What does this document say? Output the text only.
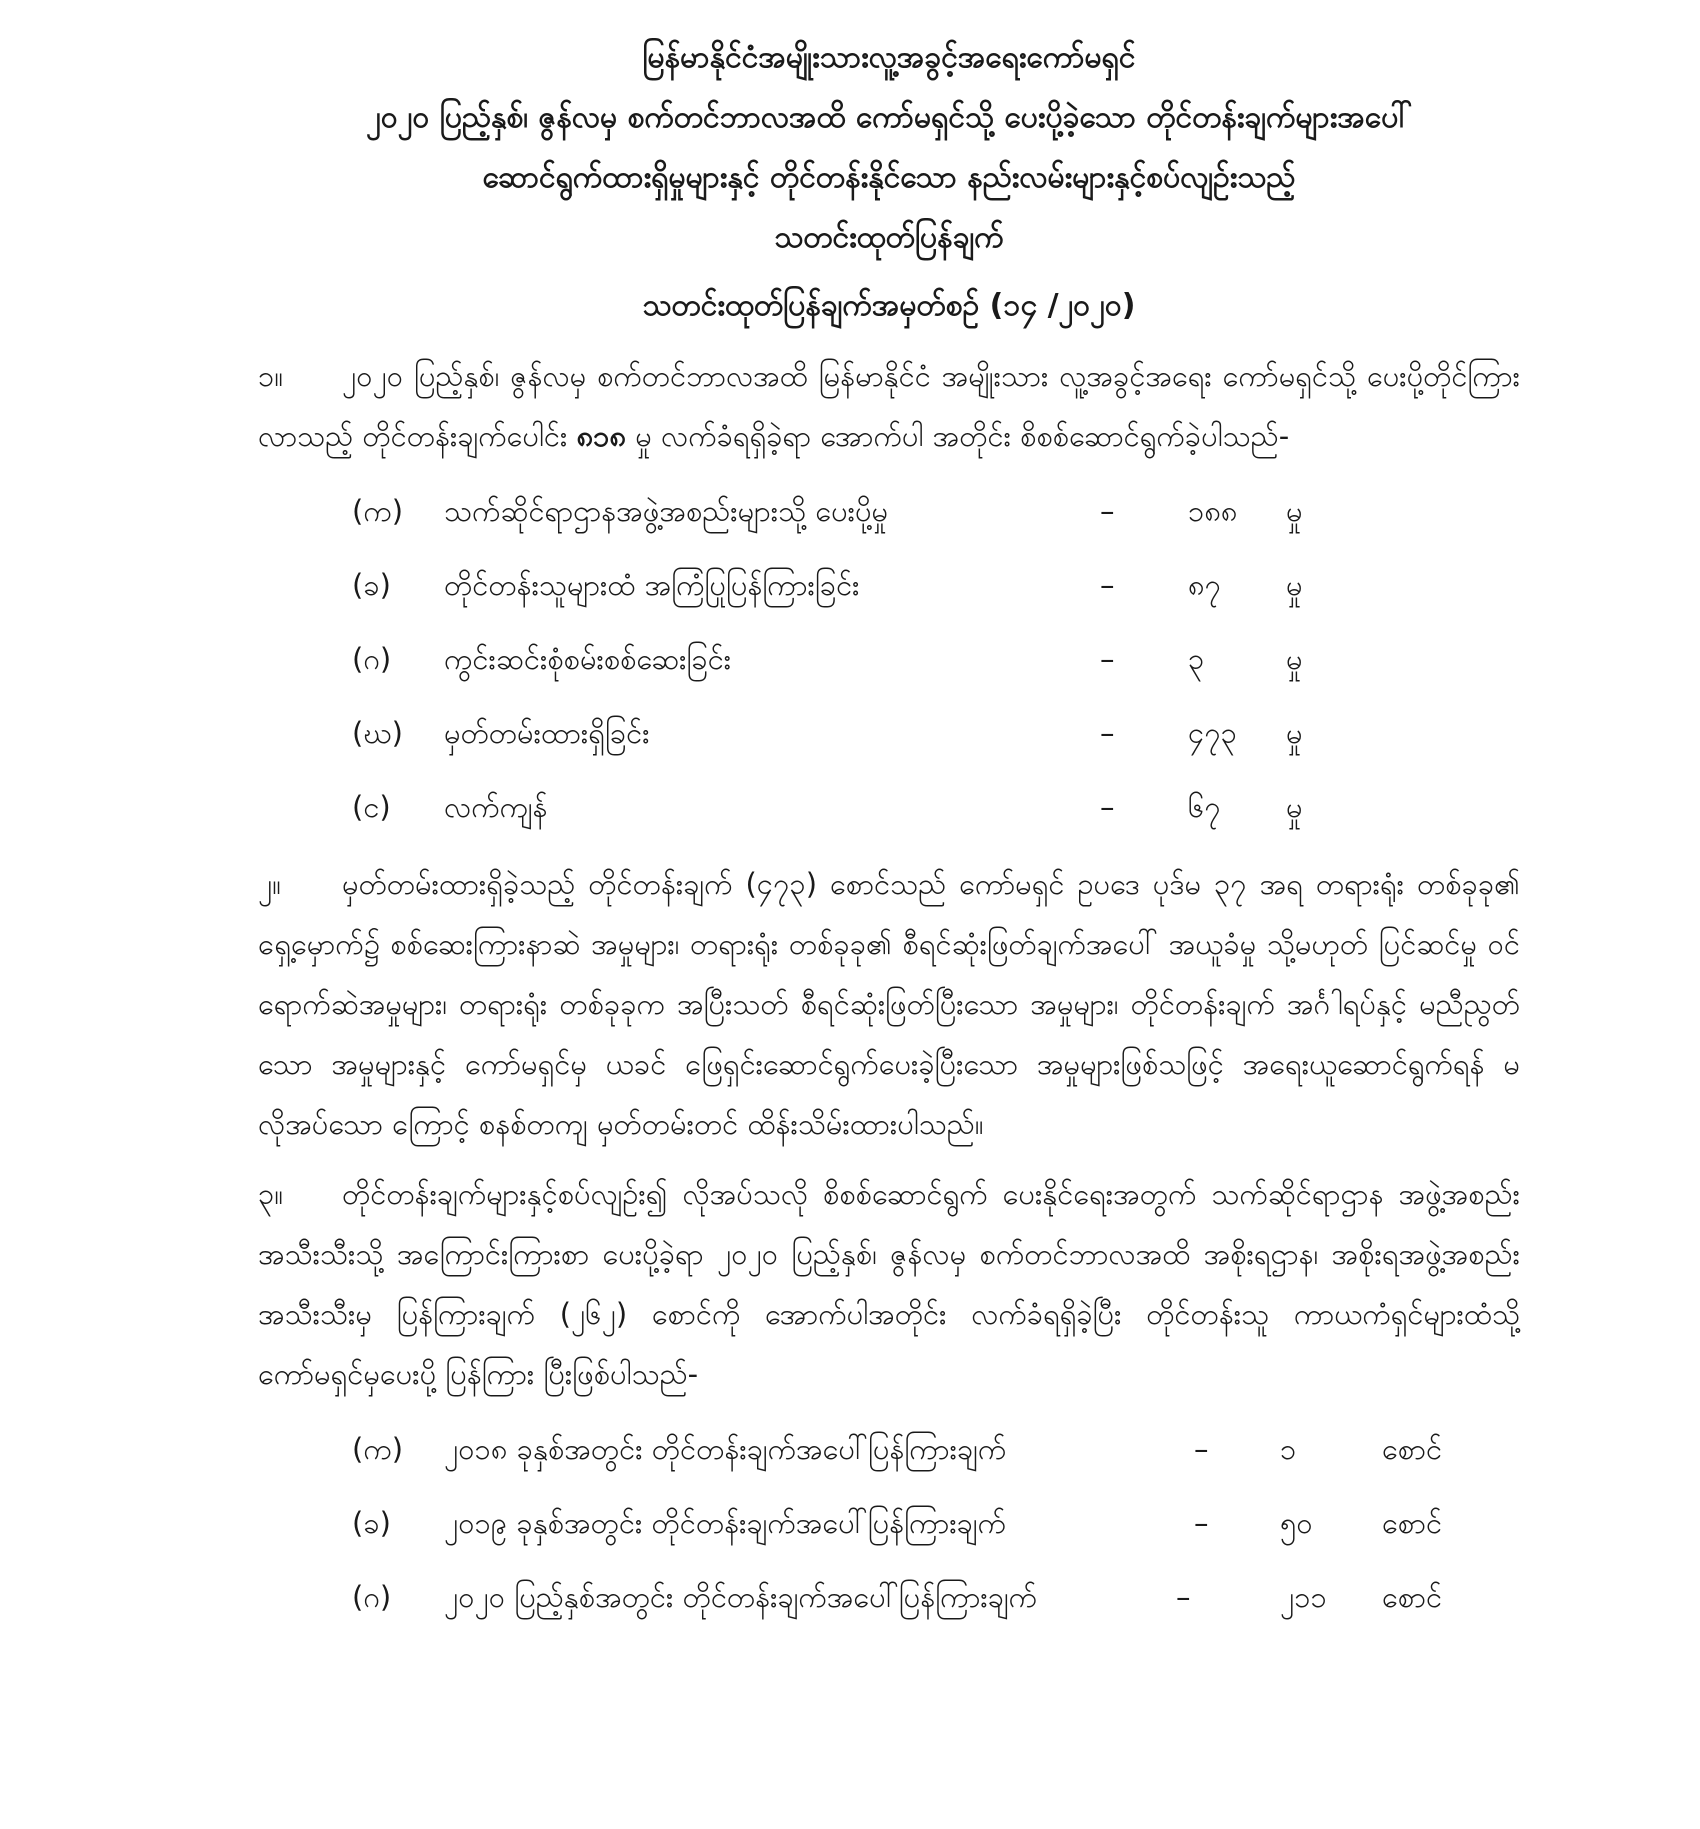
မြန်မာနိုင်ငံအမျိုးသားလူ့အခွင့်အရေးကော်မရှင်
၂၀၂၀ ပြည့်နှစ်၊ ဇွန်လမှ စက်တင်ဘာလအထိ ကော်မရှင်သို့ ပေးပို့ခဲ့သော တိုင်တန်းချက်များအပေါ်
ဆောင်ရွက်ထားရှိမှုများနှင့် တိုင်တန်းနိုင်သော နည်းလမ်းများနှင့်စပ်လျဉ်းသည့်
သတင်းထုတ်ပြန်ချက်
သတင်းထုတ်ပြန်ချက်အမှတ်စဉ် (၁၄ /၂၀၂၀)
၁။ ၂၀၂၀ ပြည့်နှစ်၊ ဇွန်လမှ စက်တင်ဘာလအထိ မြန်မာနိုင်ငံ အမျိုးသား လူ့အခွင့်အရေး ကော်မရှင်သို့ ပေးပို့တိုင်ကြားလာသည့် တိုင်တန်းချက်ပေါင်း ၈၁၈ မှု လက်ခံရရှိခဲ့ရာ အောက်ပါ အတိုင်း စိစစ်ဆောင်ရွက်ခဲ့ပါသည်-
(က) သက်ဆိုင်ရာဌာနအဖွဲ့အစည်းများသို့ ပေးပို့မှု	–	၁၈၈ မှု
(ခ) တိုင်တန်းသူများထံ အကြံပြုပြန်ကြားခြင်း	–	၈၇ မှု
(ဂ) ကွင်းဆင်းစုံစမ်းစစ်ဆေးခြင်း	–	၃	မှု
(ဃ) မှတ်တမ်းထားရှိခြင်း	–	၄၇၃ မှု
(င) လက်ကျန်	–	၆၇ မှု
၂။ မှတ်တမ်းထားရှိခဲ့သည့် တိုင်တန်းချက် (၄၇၃) စောင်သည် ကော်မရှင် ဥပဒေ ပုဒ်မ ၃၇ အရ တရားရုံး တစ်ခုခု၏ ရှေ့မှောက်၌ စစ်ဆေးကြားနာဆဲ အမှုများ၊ တရားရုံး တစ်ခုခု၏ စီရင်ဆုံးဖြတ်ချက်အပေါ် အယူခံမှု သို့မဟုတ် ပြင်ဆင်မှု ဝင်ရောက်ဆဲအမှုများ၊ တရားရုံး တစ်ခုခုက အပြီးသတ် စီရင်ဆုံးဖြတ်ပြီးသော အမှုများ၊ တိုင်တန်းချက် အင်္ဂါရပ်နှင့် မညီညွတ်သော အမှုများနှင့် ကော်မရှင်မှ ယခင် ဖြေရှင်းဆောင်ရွက်ပေးခဲ့ပြီးသော အမှုများဖြစ်သဖြင့် အရေးယူဆောင်ရွက်ရန် မလိုအပ်သော ကြောင့် စနစ်တကျ မှတ်တမ်းတင် ထိန်းသိမ်းထားပါသည်။
၃။ တိုင်တန်းချက်များနှင့်စပ်လျဉ်း၍ လိုအပ်သလို စိစစ်ဆောင်ရွက် ပေးနိုင်ရေးအတွက် သက်ဆိုင်ရာဌာန အဖွဲ့အစည်းအသီးသီးသို့ အကြောင်းကြားစာ ပေးပို့ခဲ့ရာ ၂၀၂၀ ပြည့်နှစ်၊ ဇွန်လမှ စက်တင်ဘာလအထိ အစိုးရဌာန၊ အစိုးရအဖွဲ့အစည်းအသီးသီးမှ ပြန်ကြားချက် (၂၆၂) စောင်ကို အောက်ပါအတိုင်း လက်ခံရရှိခဲ့ပြီး တိုင်တန်းသူ ကာယကံရှင်များထံသို့ ကော်မရှင်မှပေးပို့ ပြန်ကြား ပြီးဖြစ်ပါသည်-
(က) ၂၀၁၈ ခုနှစ်အတွင်း တိုင်တန်းချက်အပေါ်ပြန်ကြားချက်	– ၁	စောင်
(ခ) ၂၀၁၉ ခုနှစ်အတွင်း တိုင်တန်းချက်အပေါ်ပြန်ကြားချက်	– ၅၀ စောင်
(ဂ) ၂၀၂၀ ပြည့်နှစ်အတွင်း တိုင်တန်းချက်အပေါ်ပြန်ကြားချက်	–	၂၁၁ စောင်
